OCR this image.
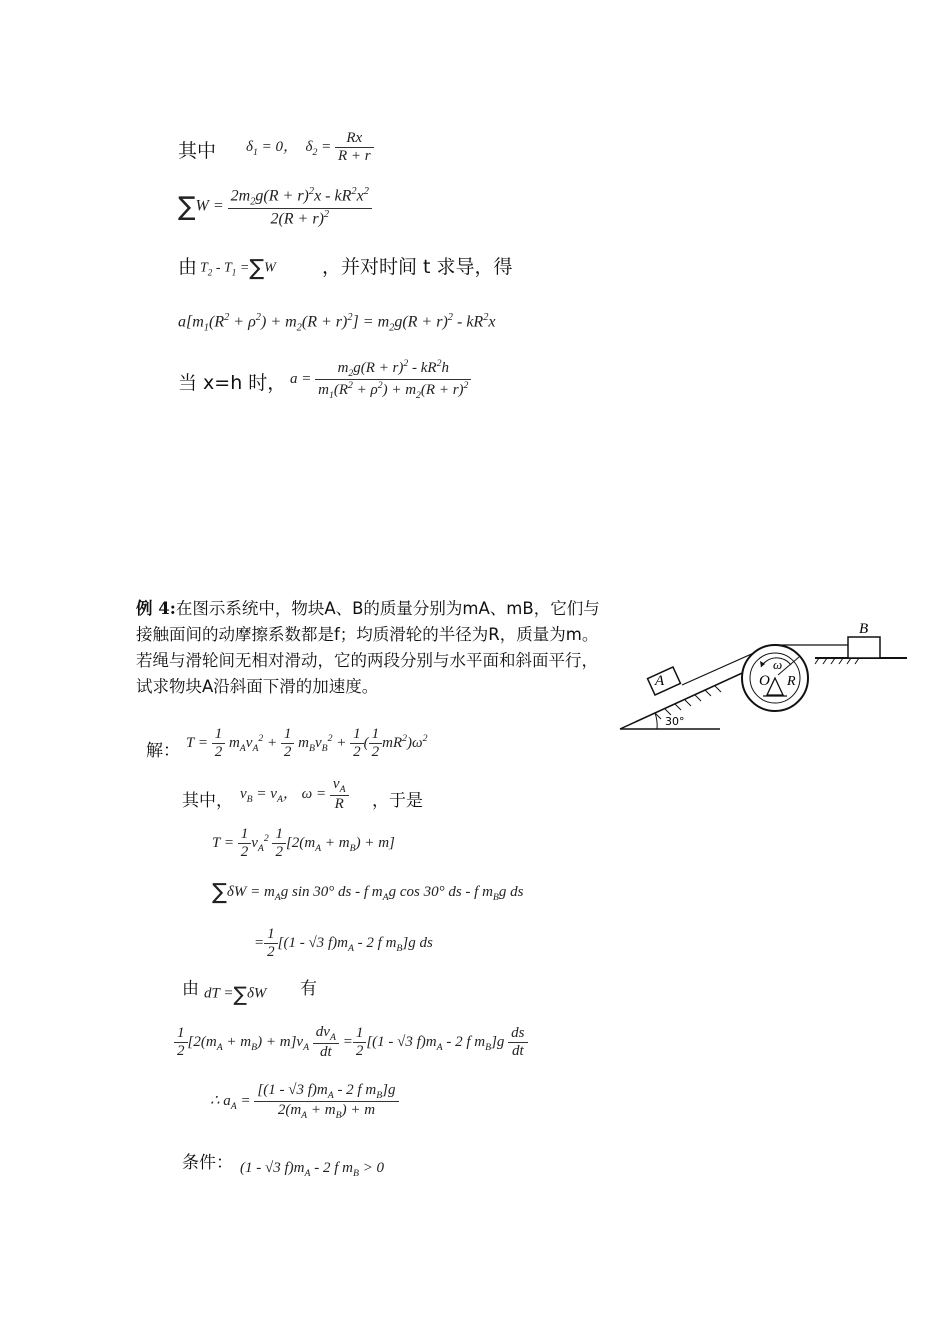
其中 $\delta_1 = 0$，  $\delta_2 = \frac{Rx}{R + r}$
$\sum W = \frac{2m_2g(R + r)^2x - kR^2x^2}{2(R + r)^2}$
由 $T_2 - T_1 =\sum W$ ，并对时间 t 求导，得
$a[m_1(R^2 + \rho^2) + m_2(R + r)^2] = m_2g(R + r)^2 - kR^2x$
当 x=h 时， $a = \frac{m_2g(R + r)^2 - kR^2h}{m_1(R^2 + \rho^2) + m_2(R + r)^2}$
例 4:在图示系统中，物块A、B的质量分别为mA、mB，它们与接触面间的动摩擦系数都是f；均质滑轮的半径为R，质量为m。若绳与滑轮间无相对滑动，它的两段分别与水平面和斜面平行，试求物块A沿斜面下滑的加速度。	A
30°
O R
ω
B
解： $T = \frac{1}{2} m_Av_A^2 + \frac{1}{2} m_Bv_B^2 + \frac{1}{2}$ ( $\frac{1}{2} mR^2)\omega^2$
其中， $v_B = v_A$， $\omega = \frac{v_A}{R}$ ，于是
$T = \frac{1}{2} v_A^2 \frac{1}{2} [2(m_A + m_B) + m]$
$\sum\delta W = m_Ag$ sin 30° ds - f $m_Ag$ cos 30° ds - f $m_Bg$ ds
= $\frac{1}{2} [(1 - √3$ $f)m_A - 2$ f $m_B]g$ ds
由 dT =∑δW 有
$\frac{1}{2} [2(m_A + m_B) + m]v_A \frac{dv_A}{dt} = \frac{1}{2} [(1 - √3$ $f)m_A - 2$ f $m_B]g \frac{ds}{dt}$
∴ $a_A = \frac{[(1 - √3 f)m_A - 2 f m_B]g}{2(m_A + m_B) + m}$
条件： (1 - √3 $f)m_A - 2$ f $m_B > 0$
